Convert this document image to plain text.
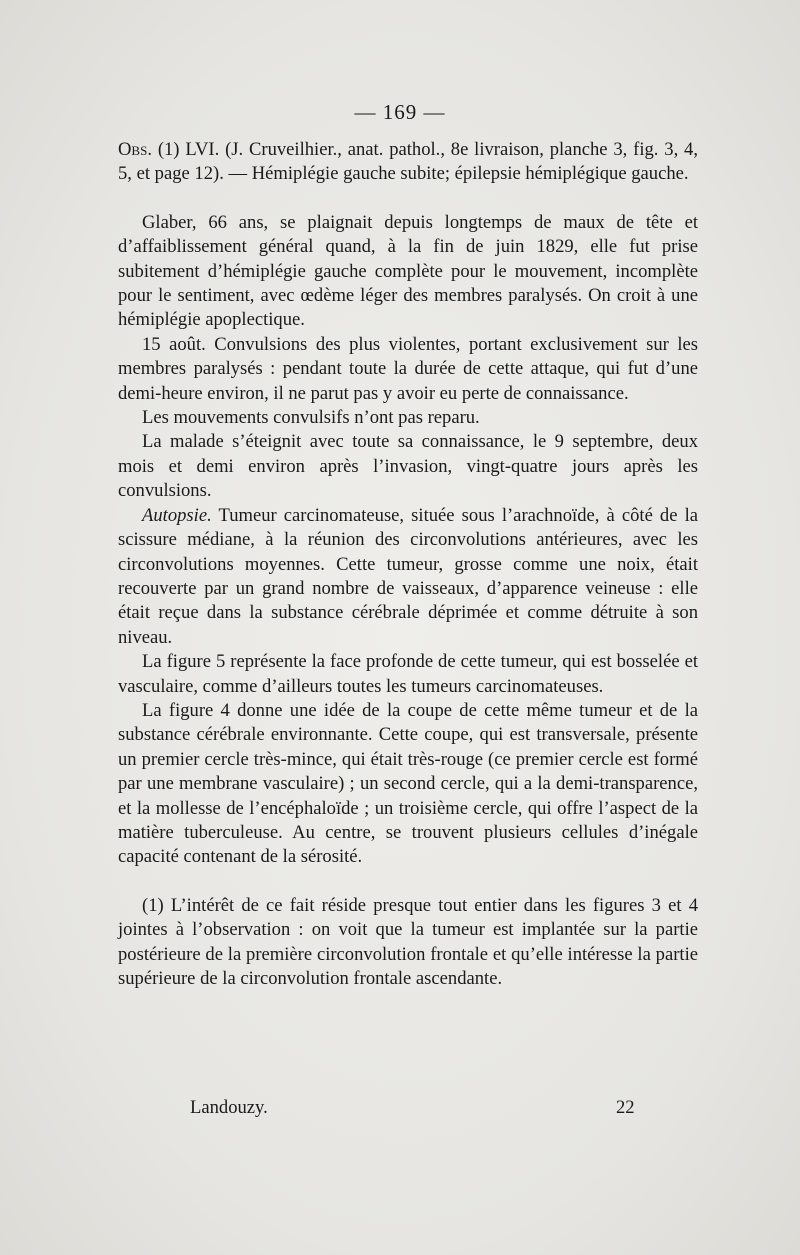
— 169 —

Obs. (1) LVI. (J. Cruveilhier., anat. pathol., 8e livraison, planche 3, fig. 3, 4, 5, et page 12). — Hémiplégie gauche subite; épilepsie hémiplégique gauche.

Glaber, 66 ans, se plaignait depuis longtemps de maux de tête et d’affaiblissement général quand, à la fin de juin 1829, elle fut prise subitement d’hémiplégie gauche complète pour le mouvement, incomplète pour le sentiment, avec œdème léger des membres paralysés. On croit à une hémiplégie apoplectique.

15 août. Convulsions des plus violentes, portant exclusivement sur les membres paralysés : pendant toute la durée de cette attaque, qui fut d’une demi-heure environ, il ne parut pas y avoir eu perte de connaissance.

Les mouvements convulsifs n’ont pas reparu.

La malade s’éteignit avec toute sa connaissance, le 9 septembre, deux mois et demi environ après l’invasion, vingt-quatre jours après les convulsions.

Autopsie. Tumeur carcinomateuse, située sous l’arachnoïde, à côté de la scissure médiane, à la réunion des circonvolutions antérieures, avec les circonvolutions moyennes. Cette tumeur, grosse comme une noix, était recouverte par un grand nombre de vaisseaux, d’apparence veineuse : elle était reçue dans la substance cérébrale déprimée et comme détruite à son niveau.

La figure 5 représente la face profonde de cette tumeur, qui est bosselée et vasculaire, comme d’ailleurs toutes les tumeurs carcinomateuses.

La figure 4 donne une idée de la coupe de cette même tumeur et de la substance cérébrale environnante. Cette coupe, qui est transversale, présente un premier cercle très-mince, qui était très-rouge (ce premier cercle est formé par une membrane vasculaire) ; un second cercle, qui a la demi-transparence, et la mollesse de l’encéphaloïde ; un troisième cercle, qui offre l’aspect de la matière tuberculeuse. Au centre, se trouvent plusieurs cellules d’inégale capacité contenant de la sérosité.

(1) L’intérêt de ce fait réside presque tout entier dans les figures 3 et 4 jointes à l’observation : on voit que la tumeur est implantée sur la partie postérieure de la première circonvolution frontale et qu’elle intéresse la partie supérieure de la circonvolution frontale ascendante.

Landouzy.	22
